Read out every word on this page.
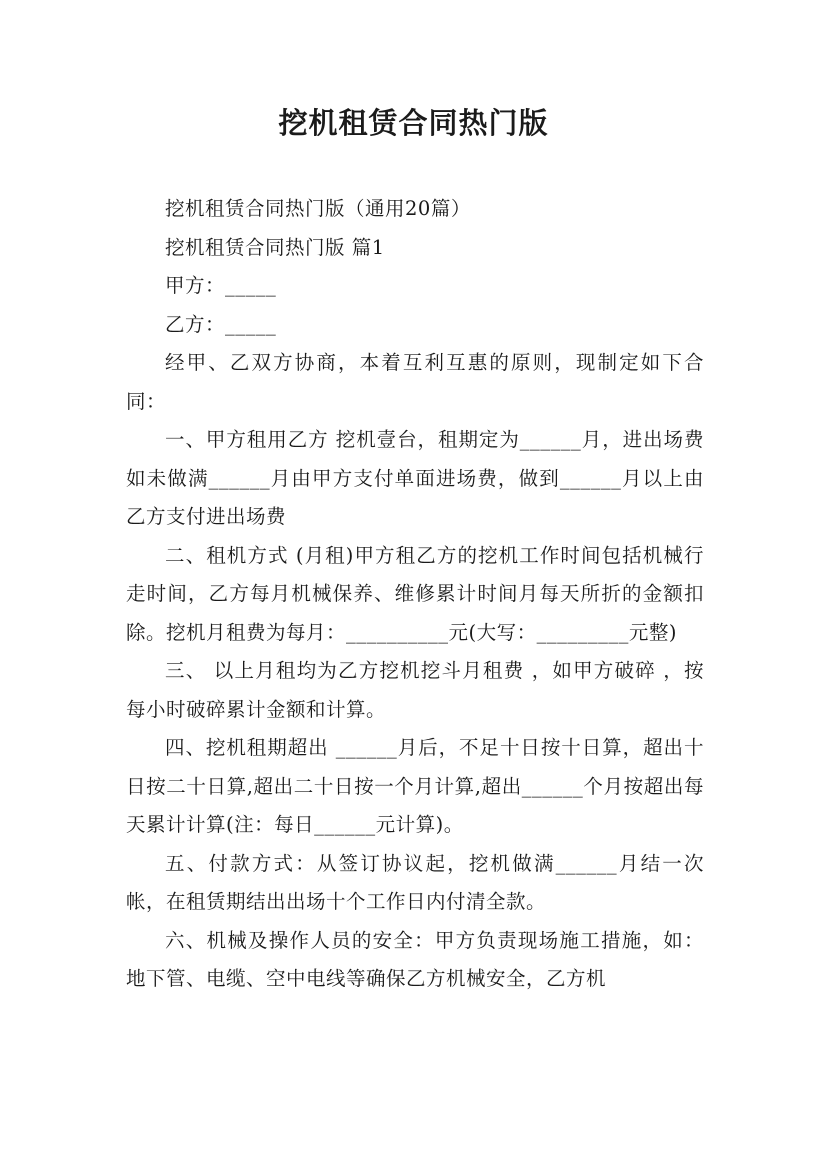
挖机租赁合同热门版

挖机租赁合同热门版（通用20篇）

挖机租赁合同热门版 篇1

甲方：_____

乙方：_____

经甲、乙双方协商，本着互利互惠的原则，现制定如下合同：

一、甲方租用乙方 挖机壹台，租期定为______月，进出场费如未做满______月由甲方支付单面进场费，做到______月以上由乙方支付进出场费

二、租机方式 (月租)甲方租乙方的挖机工作时间包括机械行走时间，乙方每月机械保养、维修累计时间月每天所折的金额扣除。挖机月租费为每月：__________元(大写：_________元整)

三、 以上月租均为乙方挖机挖斗月租费 ，如甲方破碎 ，按每小时破碎累计金额和计算。

四、挖机租期超出 ______月后，不足十日按十日算，超出十日按二十日算,超出二十日按一个月计算,超出______个月按超出每天累计计算(注：每日______元计算)。

五、付款方式：从签订协议起，挖机做满______月结一次帐，在租赁期结出出场十个工作日内付清全款。

六、机械及操作人员的安全：甲方负责现场施工措施，如：地下管、电缆、空中电线等确保乙方机械安全，乙方机
